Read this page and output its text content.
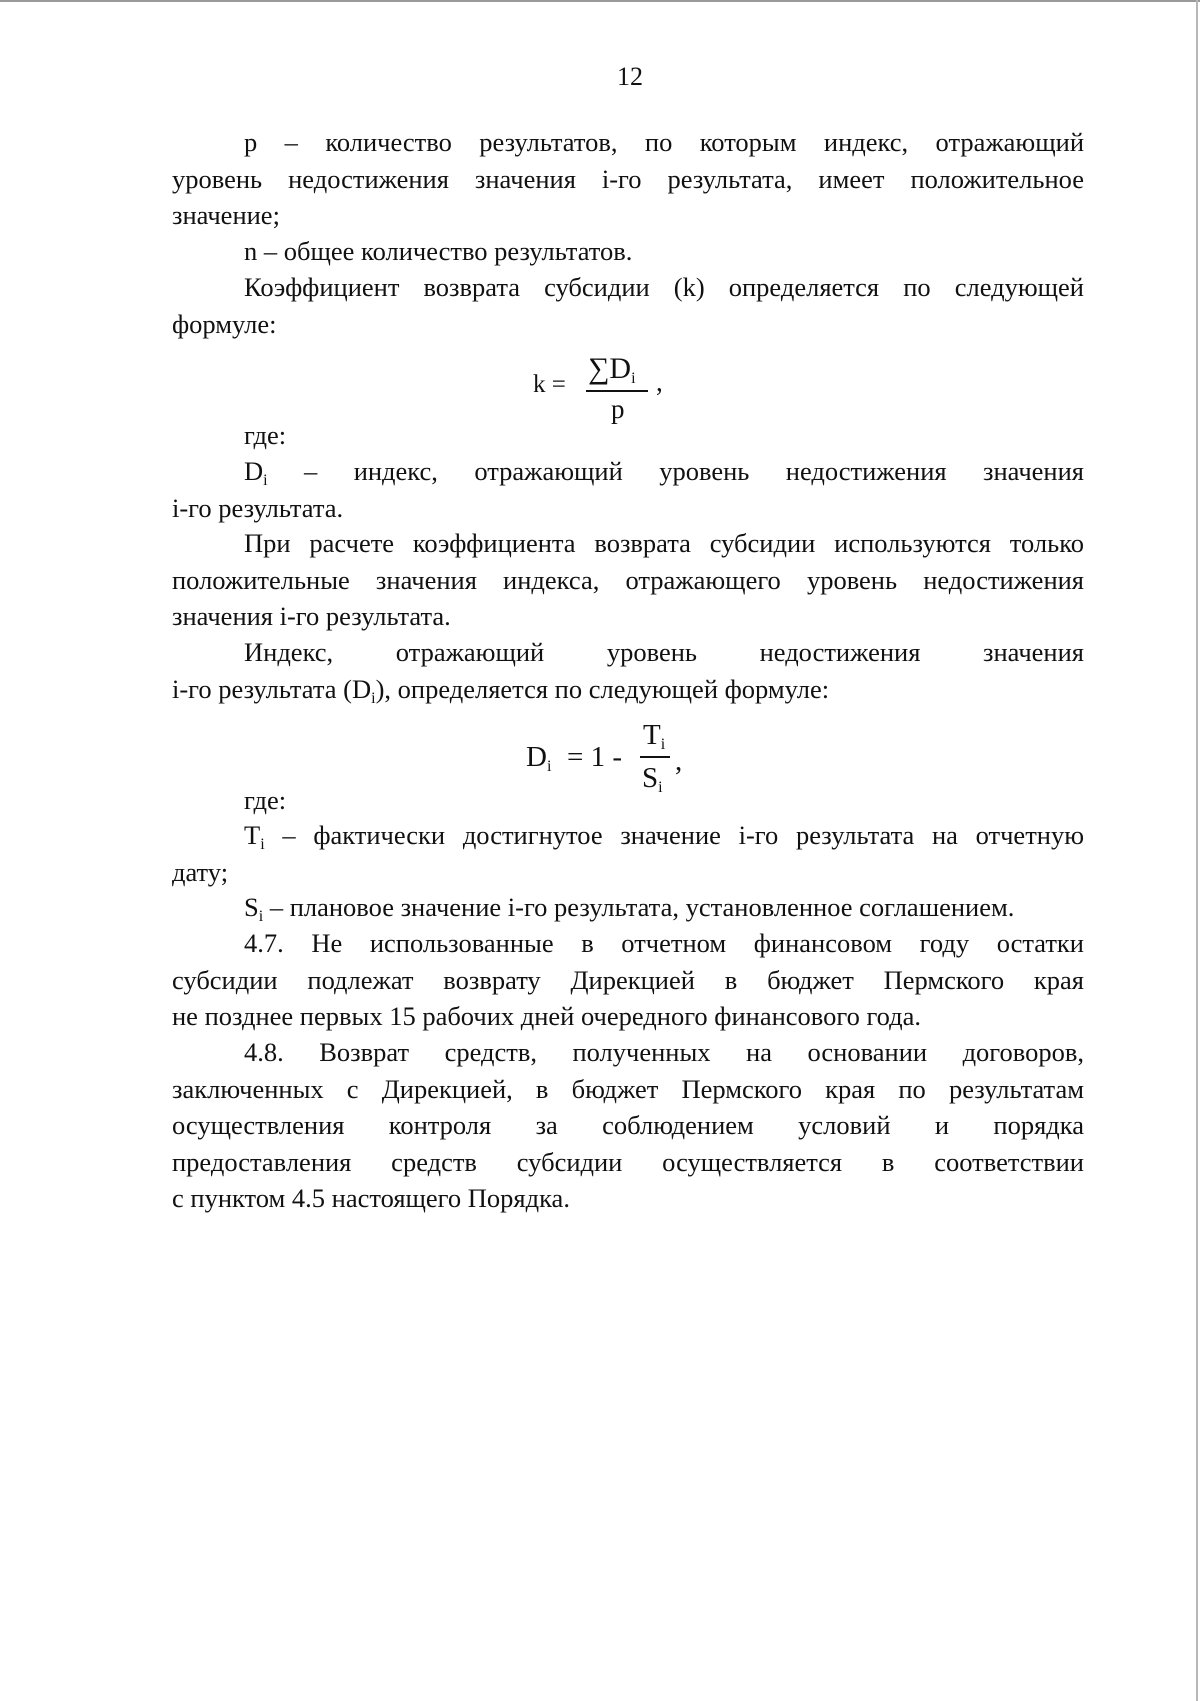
12
р – количество результатов, по которым индекс, отражающий
уровень недостижения значения i-го результата, имеет положительное
значение;
n – общее количество результатов.
Коэффициент возврата субсидии (k) определяется по следующей
формуле:
$k = \sum D_i$
p
,
где:
$D_i$ – индекс, отражающий уровень недостижения значения
i-го результата.
При расчете коэффициента возврата субсидии используются только
положительные значения индекса, отражающего уровень недостижения
значения i-го результата.
Индекс, отражающий уровень недостижения значения
i-го результата $(D_i)$, определяется по следующей формуле:
$D_i = 1$ -
$T_i$
$S_i$
,
где:
$T_i$ – фактически достигнутое значение i-го результата на отчетную
дату;
$S_i$ – плановое значение i-го результата, установленное соглашением.
4.7. Не использованные в отчетном финансовом году остатки
субсидии подлежат возврату Дирекцией в бюджет Пермского края
не позднее первых 15 рабочих дней очередного финансового года.
4.8. Возврат средств, полученных на основании договоров,
заключенных с Дирекцией, в бюджет Пермского края по результатам
осуществления контроля за соблюдением условий и порядка
предоставления средств субсидии осуществляется в соответствии
с пунктом 4.5 настоящего Порядка.
